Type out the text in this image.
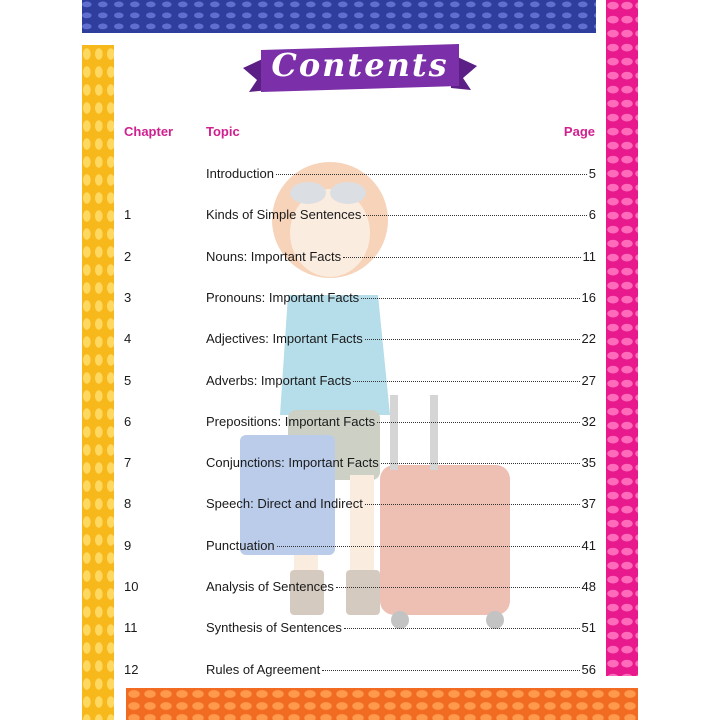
Contents
Chapter	Topic	Page
Introduction	5
1	Kinds of Simple Sentences	6
2	Nouns: Important Facts	11
3	Pronouns: Important Facts	16
4	Adjectives: Important Facts	22
5	Adverbs: Important Facts	27
6	Prepositions: Important Facts	32
7	Conjunctions: Important Facts	35
8	Speech: Direct and Indirect	37
9	Punctuation	41
10	Analysis of Sentences	48
11	Synthesis of Sentences	51
12	Rules of Agreement	56
